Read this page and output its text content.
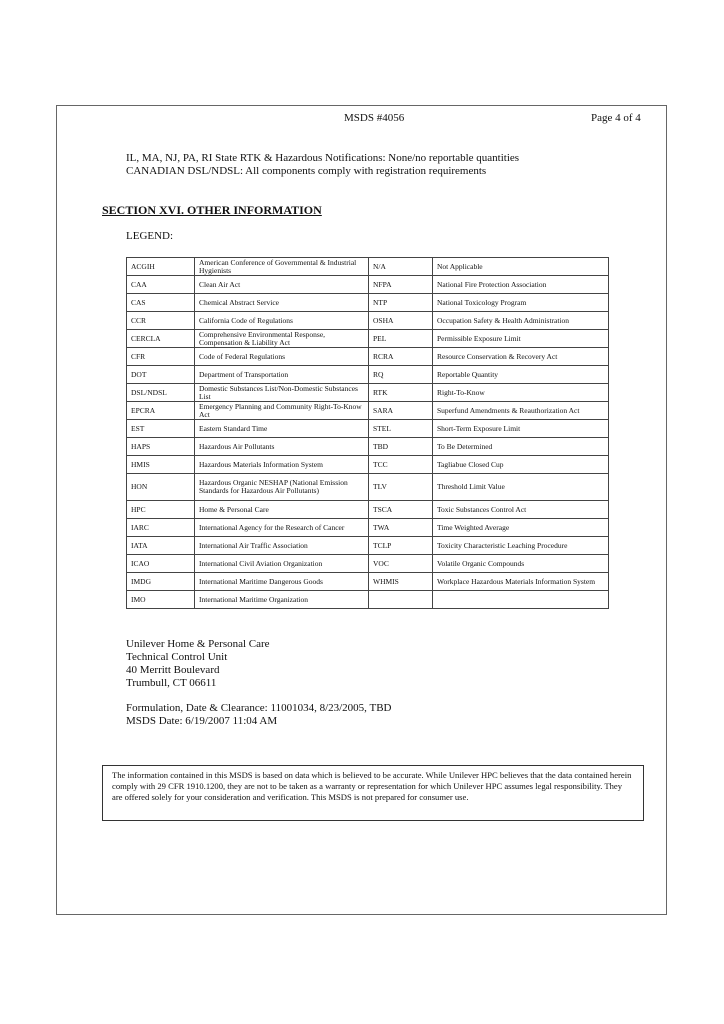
MSDS #4056	Page 4 of 4
IL, MA, NJ, PA, RI State RTK & Hazardous Notifications: None/no reportable quantities
CANADIAN DSL/NDSL: All components comply with registration requirements
SECTION XVI. OTHER INFORMATION
LEGEND:
ACGIH	American Conference of Governmental & Industrial Hygienists	N/A	Not Applicable
CAA	Clean Air Act	NFPA	National Fire Protection Association
CAS	Chemical Abstract Service	NTP	National Toxicology Program
CCR	California Code of Regulations	OSHA	Occupation Safety & Health Administration
CERCLA	Comprehensive Environmental Response, Compensation & Liability Act	PEL	Permissible Exposure Limit
CFR	Code of Federal Regulations	RCRA	Resource Conservation & Recovery Act
DOT	Department of Transportation	RQ	Reportable Quantity
DSL/NDSL	Domestic Substances List/Non-Domestic Substances List	RTK	Right-To-Know
EPCRA	Emergency Planning and Community Right-To-Know Act	SARA	Superfund Amendments & Reauthorization Act
EST	Eastern Standard Time	STEL	Short-Term Exposure Limit
HAPS	Hazardous Air Pollutants	TBD	To Be Determined
HMIS	Hazardous Materials Information System	TCC	Tagliabue Closed Cup
HON	Hazardous Organic NESHAP (National Emission Standards for Hazardous Air Pollutants)	TLV	Threshold Limit Value
HPC	Home & Personal Care	TSCA	Toxic Substances Control Act
IARC	International Agency for the Research of Cancer	TWA	Time Weighted Average
IATA	International Air Traffic Association	TCLP	Toxicity Characteristic Leaching Procedure
ICAO	International Civil Aviation Organization	VOC	Volatile Organic Compounds
IMDG	International Maritime Dangerous Goods	WHMIS	Workplace Hazardous Materials Information System
IMO	International Maritime Organization		
Unilever Home & Personal Care
Technical Control Unit
40 Merritt Boulevard
Trumbull, CT 06611
Formulation, Date & Clearance: 11001034, 8/23/2005, TBD
MSDS Date: 6/19/2007 11:04 AM
The information contained in this MSDS is based on data which is believed to be accurate. While Unilever HPC believes that the data contained herein comply with 29 CFR 1910.1200, they are not to be taken as a warranty or representation for which Unilever HPC assumes legal responsibility. They are offered solely for your consideration and verification. This MSDS is not prepared for consumer use.
